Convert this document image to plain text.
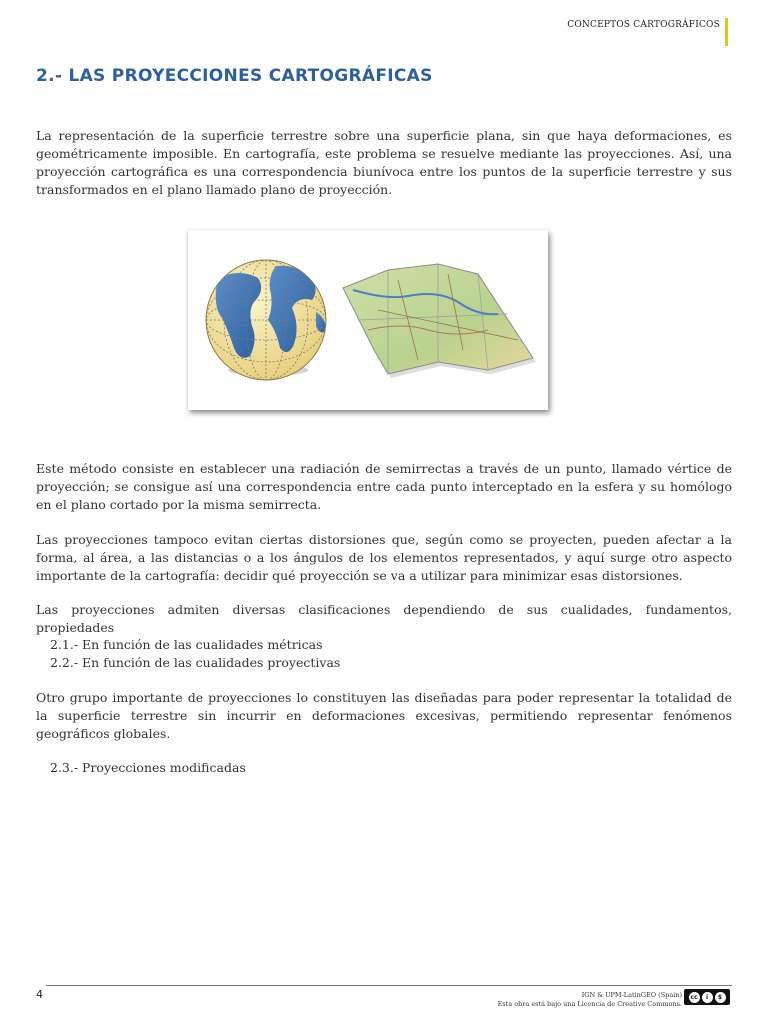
CONCEPTOS CARTOGRÁFICOS
2.- LAS PROYECCIONES CARTOGRÁFICAS

La representación de la superficie terrestre sobre una superficie plana, sin que haya deformaciones, es geométricamente imposible. En cartografía, este problema se resuelve mediante las proyecciones. Así, una proyección cartográfica es una correspondencia biunívoca entre los puntos de la superficie terrestre y sus transformados en el plano llamado plano de proyección.

Este método consiste en establecer una radiación de semirrectas a través de un punto, llamado vértice de proyección; se consigue así una correspondencia entre cada punto interceptado en la esfera y su homólogo en el plano cortado por la misma semirrecta.

Las proyecciones tampoco evitan ciertas distorsiones que, según como se proyecten, pueden afectar a la forma, al área, a las distancias o a los ángulos de los elementos representados, y aquí surge otro aspecto importante de la cartografía: decidir qué proyección se va a utilizar para minimizar esas distorsiones.

Las proyecciones admiten diversas clasificaciones dependiendo de sus cualidades, fundamentos, propiedades

2.1.- En función de las cualidades métricas

2.2.- En función de las cualidades proyectivas

Otro grupo importante de proyecciones lo constituyen las diseñadas para poder representar la totalidad de la superficie terrestre sin incurrir en deformaciones excesivas, permitiendo representar fenómenos geográficos globales.

2.3.- Proyecciones modificadas

4	IGN & UPM-LatinGEO (Spain)
Esta obra está bajo una Licencia de Creative Commons.
cc	i	$
